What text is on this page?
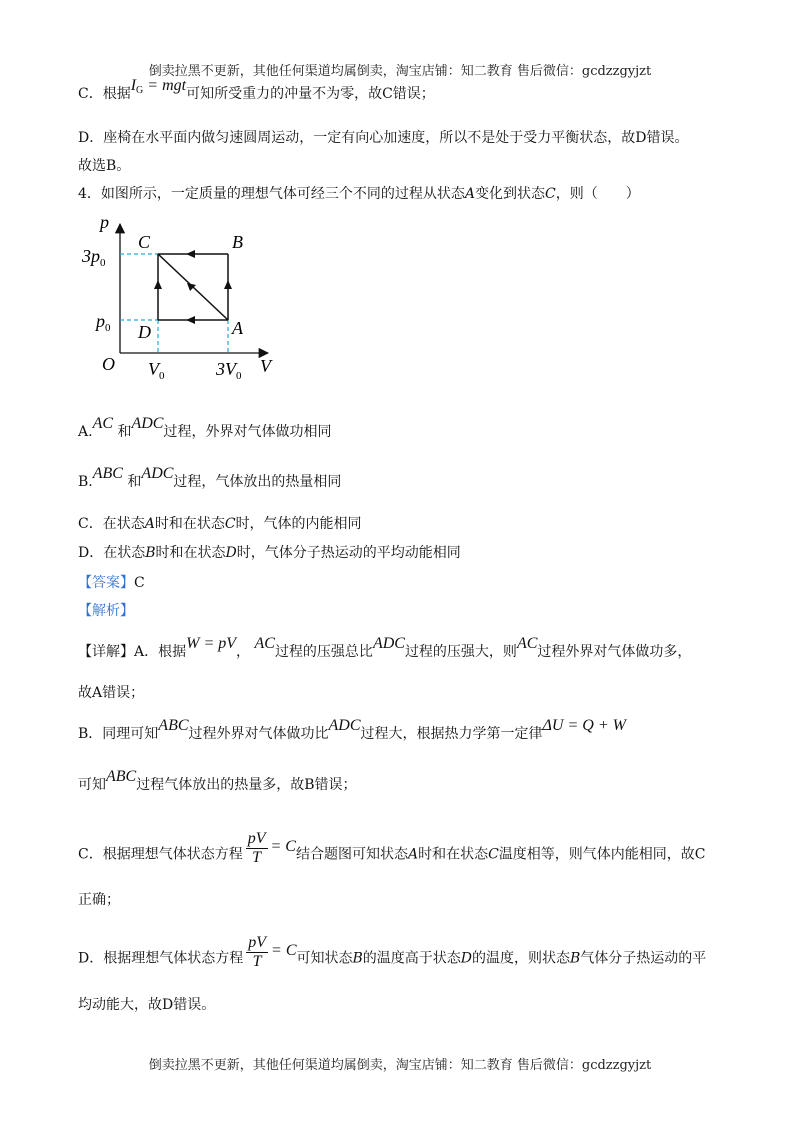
倒卖拉黑不更新，其他任何渠道均属倒卖，淘宝店铺：知二教育 售后微信：gcdzzgyjzt
C．根据$I_G$ = mgt可知所受重力的冲量不为零，故C错误；
D．座椅在水平面内做匀速圆周运动，一定有向心加速度，所以不是处于受力平衡状态，故D错误。
故选B。
4．如图所示，一定质量的理想气体可经三个不同的过程从状态A变化到状态C，则（　　）
p
V
O
$3p_0$
$p_0$
$V_0$	$3V_0$
C	B
A
D
A.AC 和ADC过程，外界对气体做功相同
B.ABC 和ADC过程，气体放出的热量相同
C．在状态A时和在状态C时，气体的内能相同
D．在状态B时和在状态D时，气体分子热运动的平均动能相同
【答案】C
【解析】
【详解】A．根据W = pV， AC过程的压强总比ADC过程的压强大，则AC过程外界对气体做功多，
故A错误；
B．同理可知ABC过程外界对气体做功比ADC过程大，根据热力学第一定律ΔU = Q + W
可知ABC过程气体放出的热量多，故B错误；
C．根据理想气体状态方程 $\frac{pV}{T} = C$结合题图可知状态A时和在状态C温度相等，则气体内能相同，故C
正确；
D．根据理想气体状态方程 $\frac{pV}{T} = C$可知状态B的温度高于状态D的温度，则状态B气体分子热运动的平
均动能大，故D错误。
倒卖拉黑不更新，其他任何渠道均属倒卖，淘宝店铺：知二教育 售后微信：gcdzzgyjzt
